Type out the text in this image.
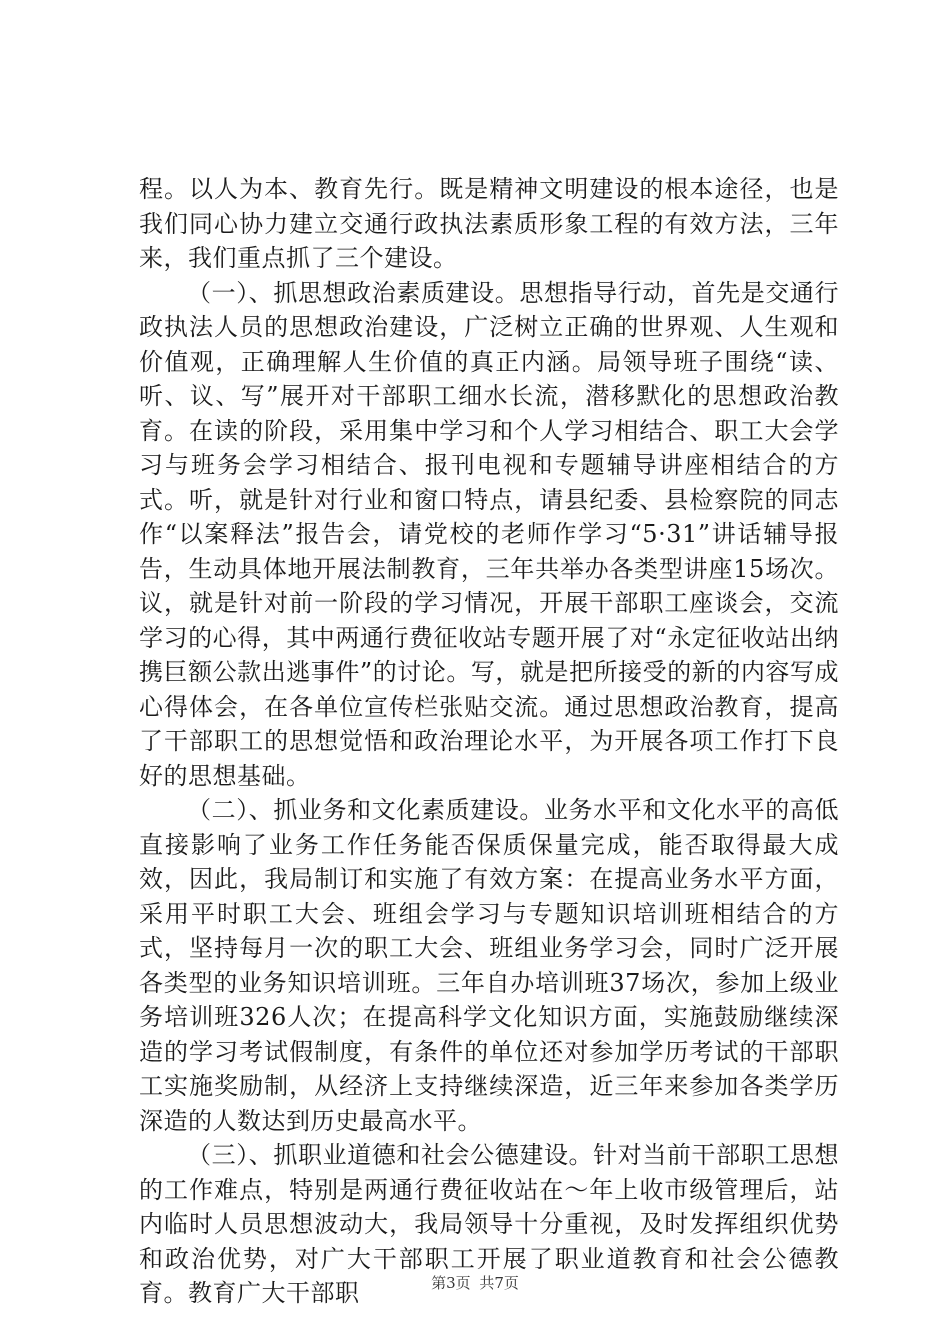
程。以人为本、教育先行。既是精神文明建设的根本途径，也是我们同心协力建立交通行政执法素质形象工程的有效方法，三年来，我们重点抓了三个建设。

（一）、抓思想政治素质建设。思想指导行动，首先是交通行政执法人员的思想政治建设，广泛树立正确的世界观、人生观和价值观，正确理解人生价值的真正内涵。局领导班子围绕“读、听、议、写”展开对干部职工细水长流，潜移默化的思想政治教育。在读的阶段，采用集中学习和个人学习相结合、职工大会学习与班务会学习相结合、报刊电视和专题辅导讲座相结合的方式。听，就是针对行业和窗口特点，请县纪委、县检察院的同志作“以案释法”报告会，请党校的老师作学习“5·31”讲话辅导报告，生动具体地开展法制教育，三年共举办各类型讲座15场次。议，就是针对前一阶段的学习情况，开展干部职工座谈会，交流学习的心得，其中两通行费征收站专题开展了对“永定征收站出纳携巨额公款出逃事件”的讨论。写，就是把所接受的新的内容写成心得体会，在各单位宣传栏张贴交流。通过思想政治教育，提高了干部职工的思想觉悟和政治理论水平，为开展各项工作打下良好的思想基础。

（二）、抓业务和文化素质建设。业务水平和文化水平的高低直接影响了业务工作任务能否保质保量完成，能否取得最大成效，因此，我局制订和实施了有效方案：在提高业务水平方面，采用平时职工大会、班组会学习与专题知识培训班相结合的方式，坚持每月一次的职工大会、班组业务学习会，同时广泛开展各类型的业务知识培训班。三年自办培训班37场次，参加上级业务培训班326人次；在提高科学文化知识方面，实施鼓励继续深造的学习考试假制度，有条件的单位还对参加学历考试的干部职工实施奖励制，从经济上支持继续深造，近三年来参加各类学历深造的人数达到历史最高水平。

（三）、抓职业道德和社会公德建设。针对当前干部职工思想的工作难点，特别是两通行费征收站在～年上收市级管理后，站内临时人员思想波动大，我局领导十分重视，及时发挥组织优势和政治优势，对广大干部职工开展了职业道教育和社会公德教育。教育广大干部职	第3页 共7页
